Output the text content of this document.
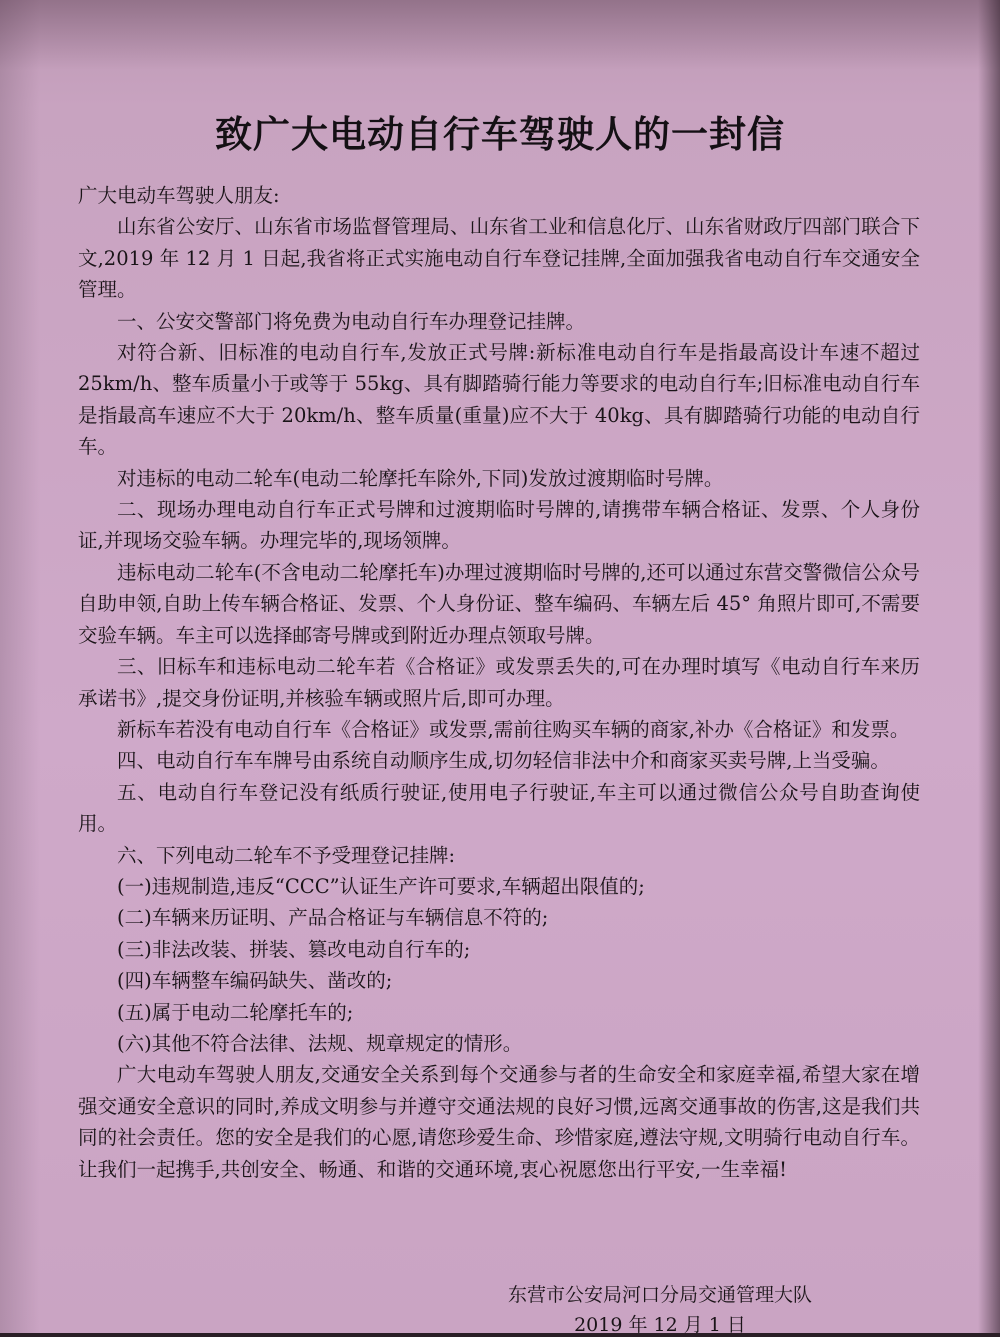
致广大电动自行车驾驶人的一封信

广大电动车驾驶人朋友:

山东省公安厅、山东省市场监督管理局、山东省工业和信息化厅、山东省财政厅四部门联合下文,2019 年 12 月 1 日起,我省将正式实施电动自行车登记挂牌,全面加强我省电动自行车交通安全管理。

一、公安交警部门将免费为电动自行车办理登记挂牌。

对符合新、旧标准的电动自行车,发放正式号牌:新标准电动自行车是指最高设计车速不超过 25km/h、整车质量小于或等于 55kg、具有脚踏骑行能力等要求的电动自行车;旧标准电动自行车是指最高车速应不大于 20km/h、整车质量(重量)应不大于 40kg、具有脚踏骑行功能的电动自行车。

对违标的电动二轮车(电动二轮摩托车除外,下同)发放过渡期临时号牌。

二、现场办理电动自行车正式号牌和过渡期临时号牌的,请携带车辆合格证、发票、个人身份证,并现场交验车辆。办理完毕的,现场领牌。

违标电动二轮车(不含电动二轮摩托车)办理过渡期临时号牌的,还可以通过东营交警微信公众号自助申领,自助上传车辆合格证、发票、个人身份证、整车编码、车辆左后 45° 角照片即可,不需要交验车辆。车主可以选择邮寄号牌或到附近办理点领取号牌。

三、旧标车和违标电动二轮车若《合格证》或发票丢失的,可在办理时填写《电动自行车来历承诺书》,提交身份证明,并核验车辆或照片后,即可办理。

新标车若没有电动自行车《合格证》或发票,需前往购买车辆的商家,补办《合格证》和发票。

四、电动自行车车牌号由系统自动顺序生成,切勿轻信非法中介和商家买卖号牌,上当受骗。

五、电动自行车登记没有纸质行驶证,使用电子行驶证,车主可以通过微信公众号自助查询使用。

六、下列电动二轮车不予受理登记挂牌:

(一)违规制造,违反“CCC”认证生产许可要求,车辆超出限值的;

(二)车辆来历证明、产品合格证与车辆信息不符的;

(三)非法改装、拼装、篡改电动自行车的;

(四)车辆整车编码缺失、凿改的;

(五)属于电动二轮摩托车的;

(六)其他不符合法律、法规、规章规定的情形。

广大电动车驾驶人朋友,交通安全关系到每个交通参与者的生命安全和家庭幸福,希望大家在增强交通安全意识的同时,养成文明参与并遵守交通法规的良好习惯,远离交通事故的伤害,这是我们共同的社会责任。您的安全是我们的心愿,请您珍爱生命、珍惜家庭,遵法守规,文明骑行电动自行车。让我们一起携手,共创安全、畅通、和谐的交通环境,衷心祝愿您出行平安,一生幸福!

东营市公安局河口分局交通管理大队
2019 年 12 月 1 日
